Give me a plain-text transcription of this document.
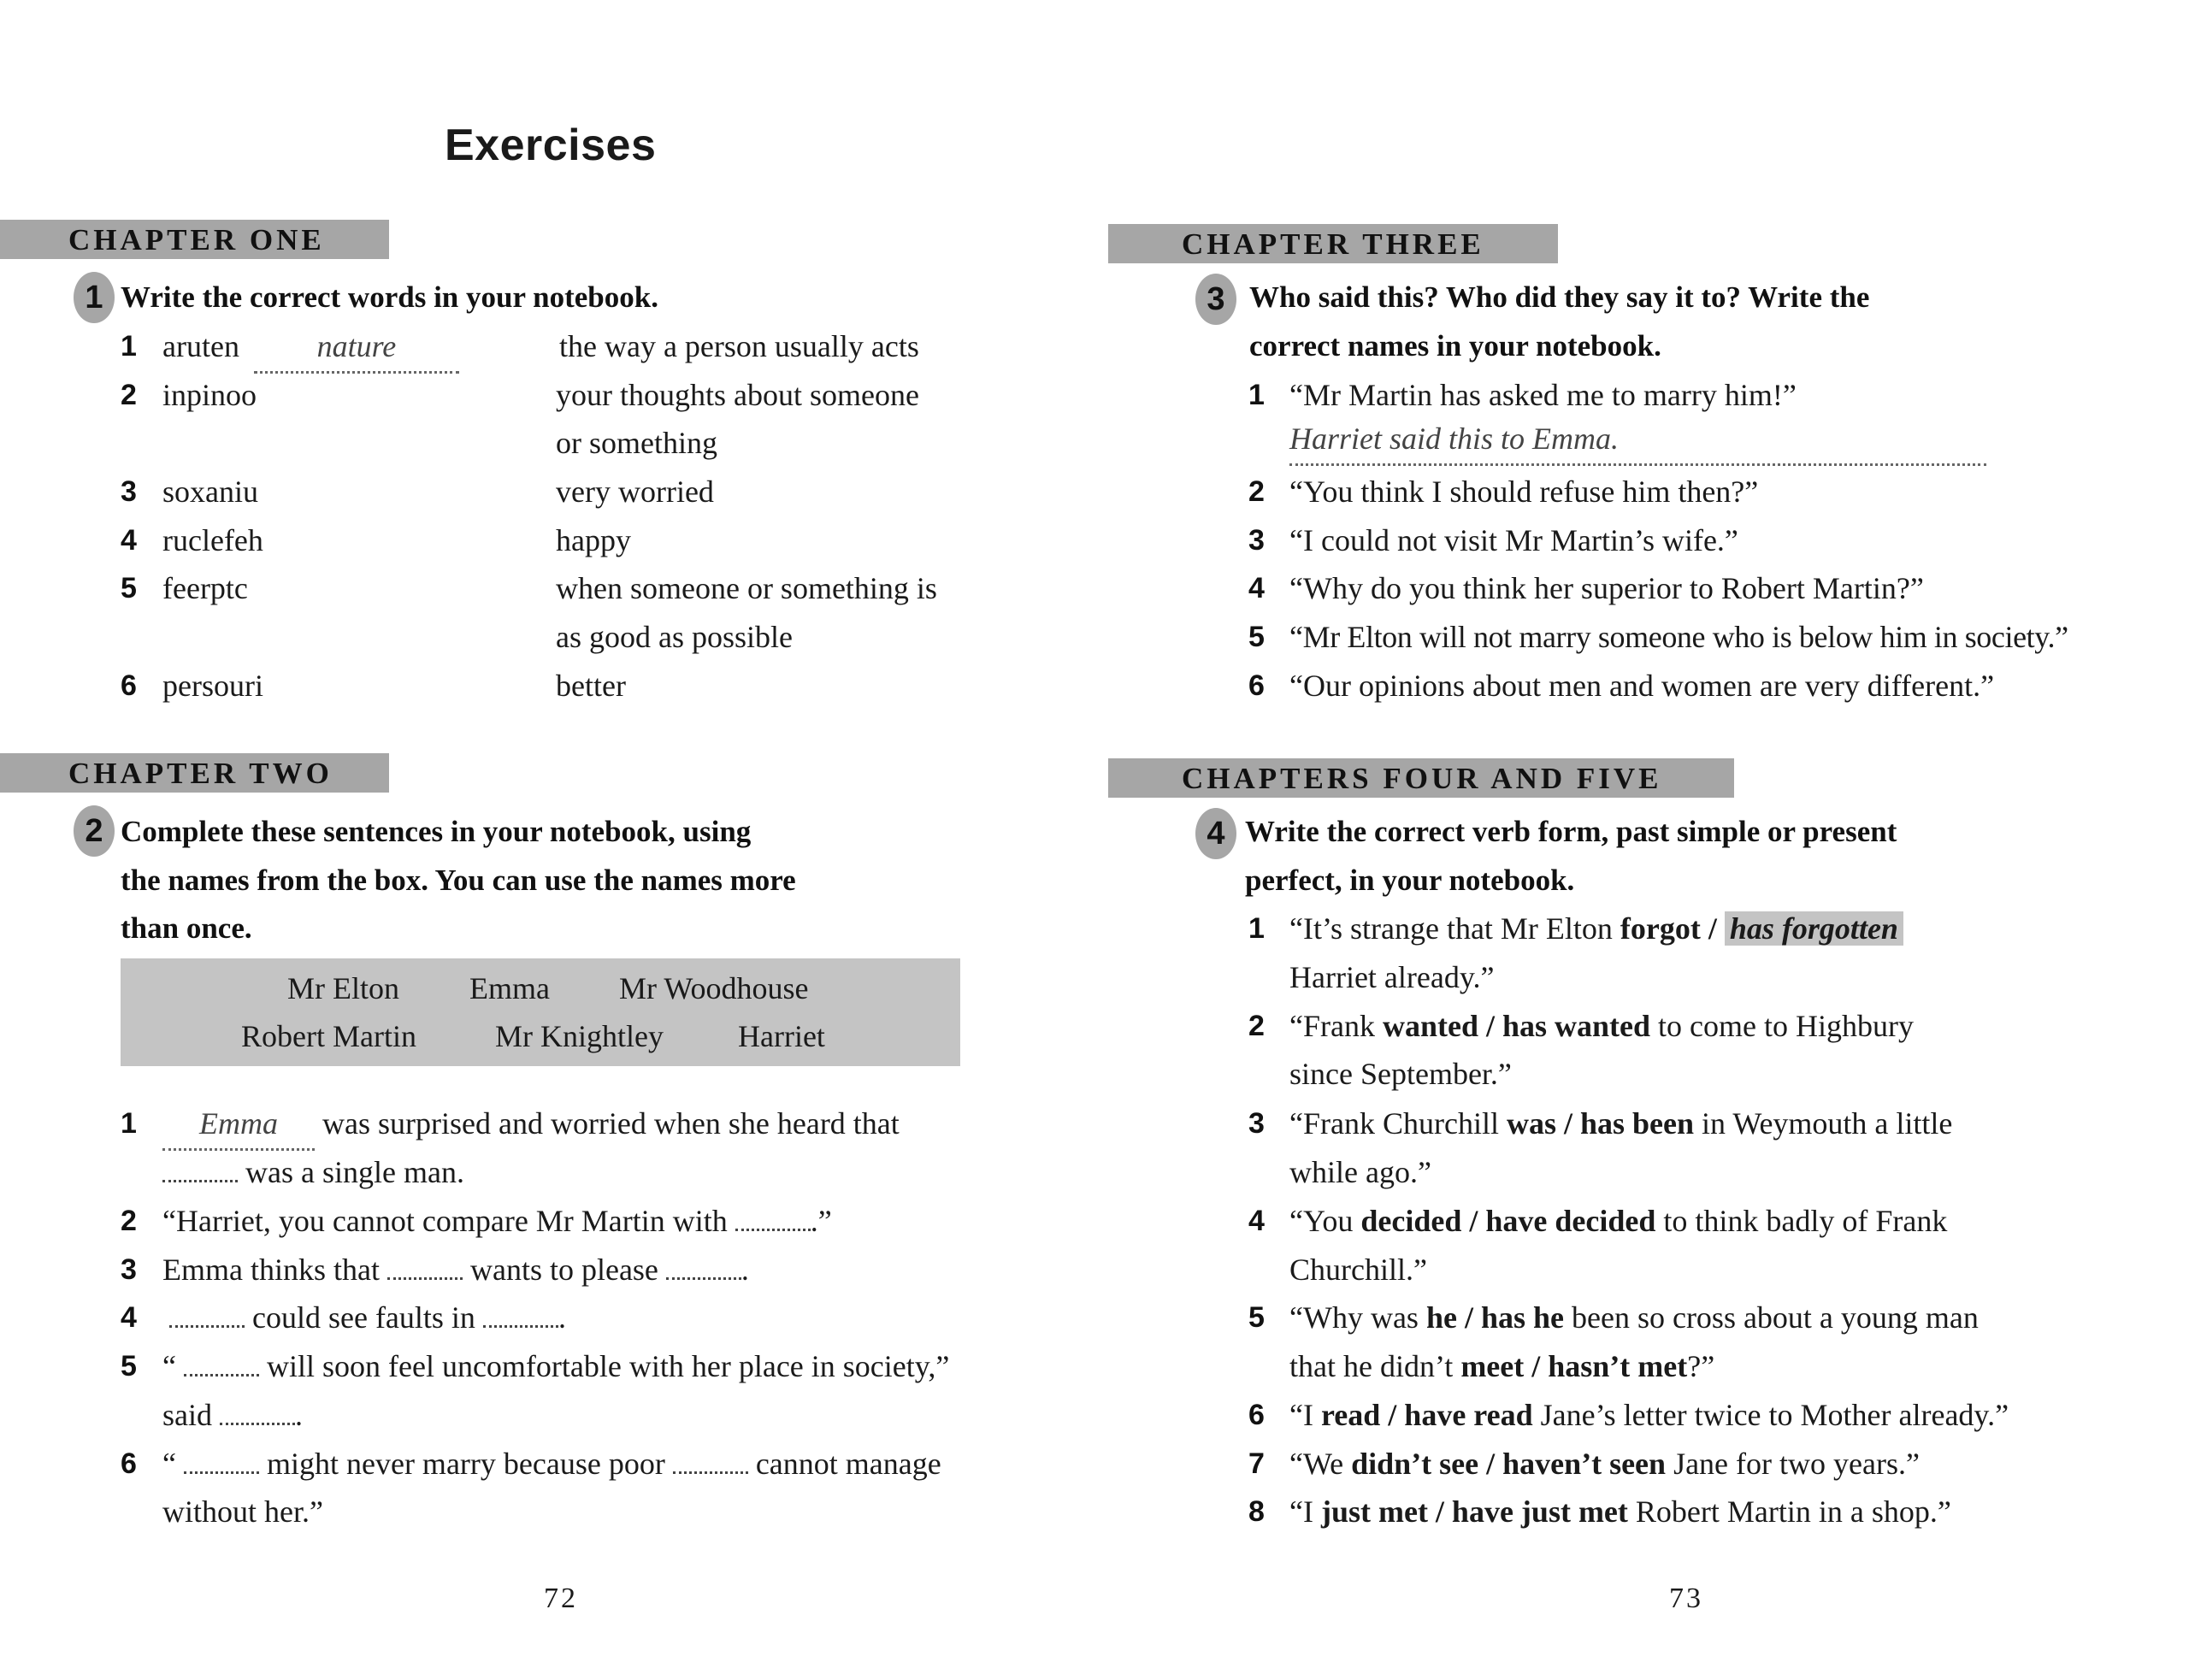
Exercises
CHAPTER ONE
1 Write the correct words in your notebook.
1 aruten	nature	the way a person usually acts
2 inpinoo	your thoughts about someone
or something
3 soxaniu	very worried
4 ruclefeh	happy
5 feerptc	when someone or something is
as good as possible
6 persouri	better
CHAPTER TWO
2 Complete these sentences in your notebook, using
the names from the box. You can use the names more
than once.
Mr Elton Emma Mr Woodhouse
Robert Martin	Mr Knightley Harriet
1	Emma was surprised and worried when she heard that
was a single man.
2 “Harriet, you cannot compare Mr Martin with	.”
3 Emma thinks that	wants to please	.
4	could see faults in	.
5 “	will soon feel uncomfortable with her place in society,”
said	.
6 “	might never marry because poor	cannot manage
without her.”
72
CHAPTER THREE
3 Who said this? Who did they say it to? Write the
correct names in your notebook.
1 “Mr Martin has asked me to marry him!”
Harriet said this to Emma.
2 “You think I should refuse him then?”
3 “I could not visit Mr Martin’s wife.”
4 “Why do you think her superior to Robert Martin?”
5 “Mr Elton will not marry someone who is below him in society.”
6 “Our opinions about men and women are very different.”
CHAPTERS FOUR AND FIVE
4 Write the correct verb form, past simple or present
perfect, in your notebook.
1 “It’s strange that Mr Elton forgot / has forgotten
Harriet already.”
2 “Frank wanted / has wanted to come to Highbury
since September.”
3 “Frank Churchill was / has been in Weymouth a little
while ago.”
4 “You decided / have decided to think badly of Frank
Churchill.”
5 “Why was he / has he been so cross about a young man
that he didn’t meet / hasn’t met?”
6 “I read / have read Jane’s letter twice to Mother already.”
7 “We didn’t see / haven’t seen Jane for two years.”
8 “I just met / have just met Robert Martin in a shop.”
73
